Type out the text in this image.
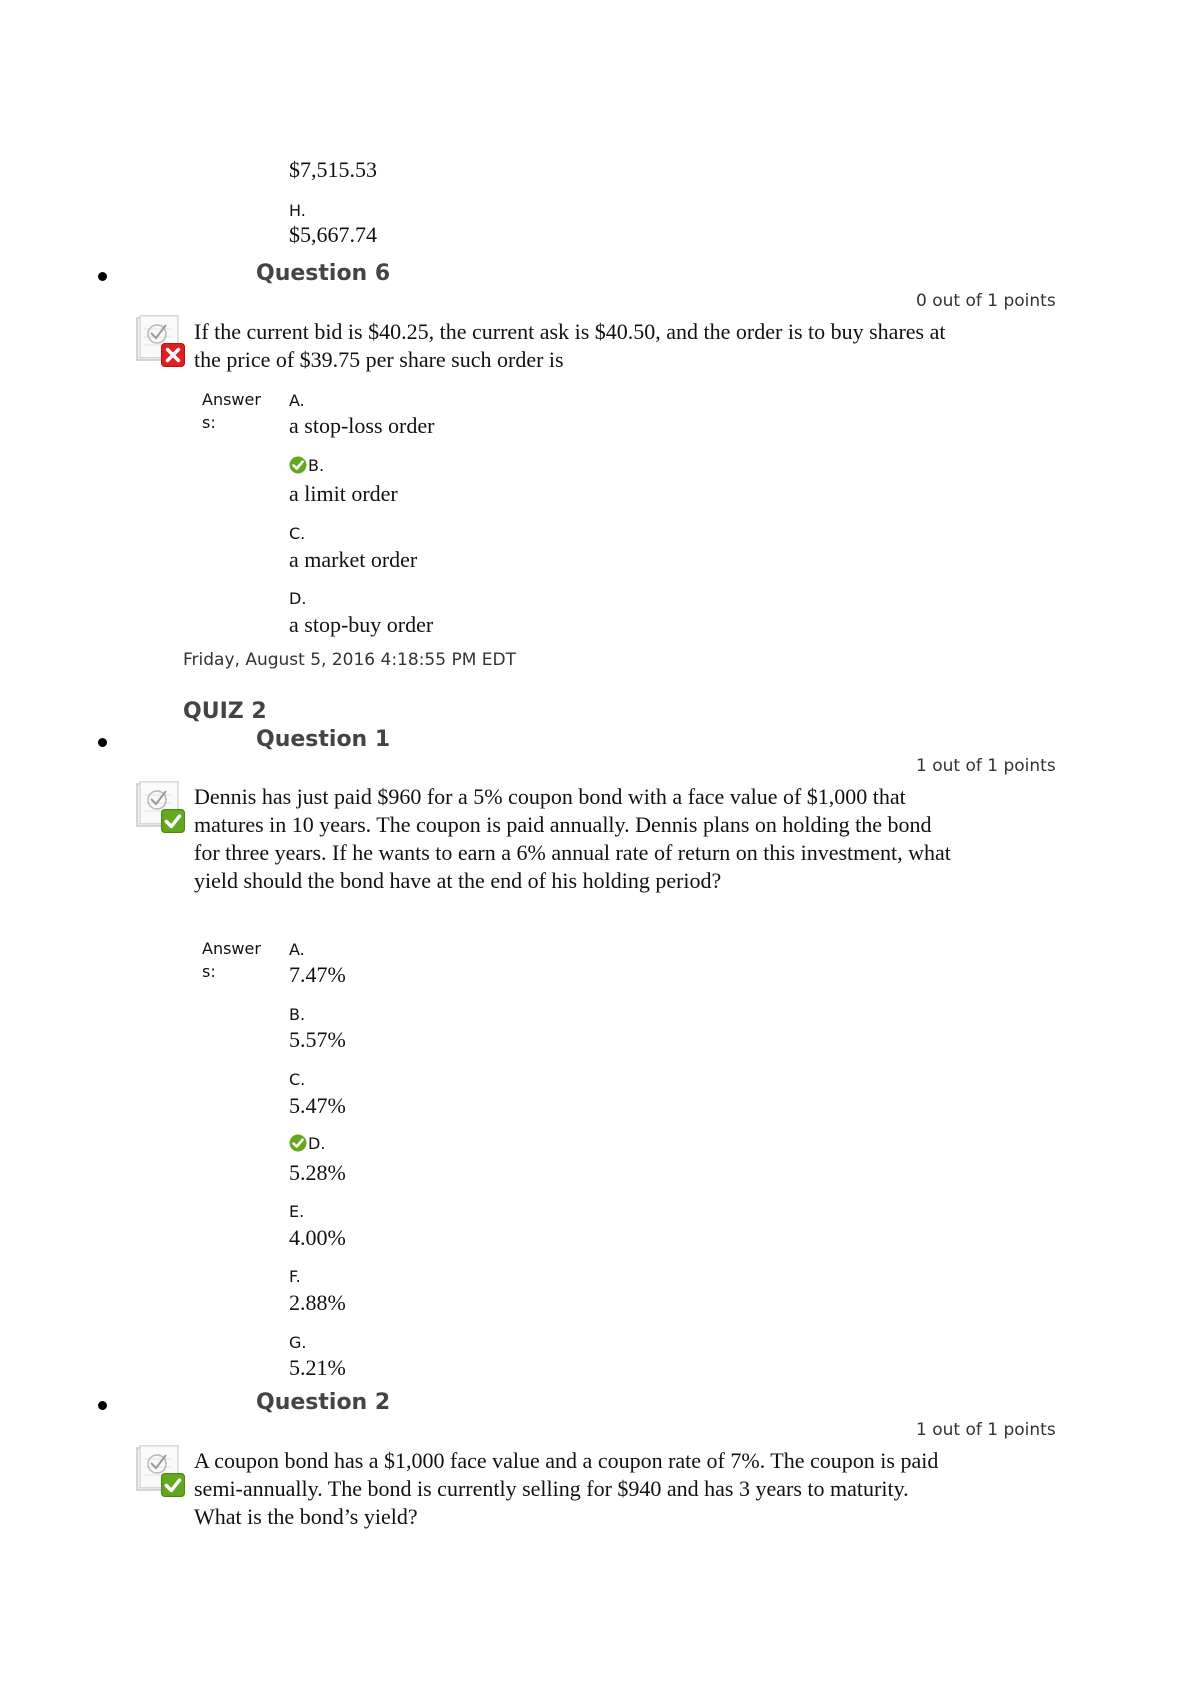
$7,515.53
H.
$5,667.74
Question 6
0 out of 1 points
If the current bid is $40.25, the current ask is $40.50, and the order is to buy shares at the price of $39.75 per share such order is
Answer
s:
A.
a stop-loss order
B.
a limit order
C.
a market order
D.
a stop-buy order
Friday, August 5, 2016 4:18:55 PM EDT
QUIZ 2
Question 1
1 out of 1 points
Dennis has just paid $960 for a 5% coupon bond with a face value of $1,000 that matures in 10 years. The coupon is paid annually. Dennis plans on holding the bond for three years. If he wants to earn a 6% annual rate of return on this investment, what yield should the bond have at the end of his holding period?
Answer
s:
A.
7.47%
B.
5.57%
C.
5.47%
D.
5.28%
E.
4.00%
F.
2.88%
G.
5.21%
Question 2
1 out of 1 points
A coupon bond has a $1,000 face value and a coupon rate of 7%. The coupon is paid semi-annually. The bond is currently selling for $940 and has 3 years to maturity. What is the bond’s yield?
